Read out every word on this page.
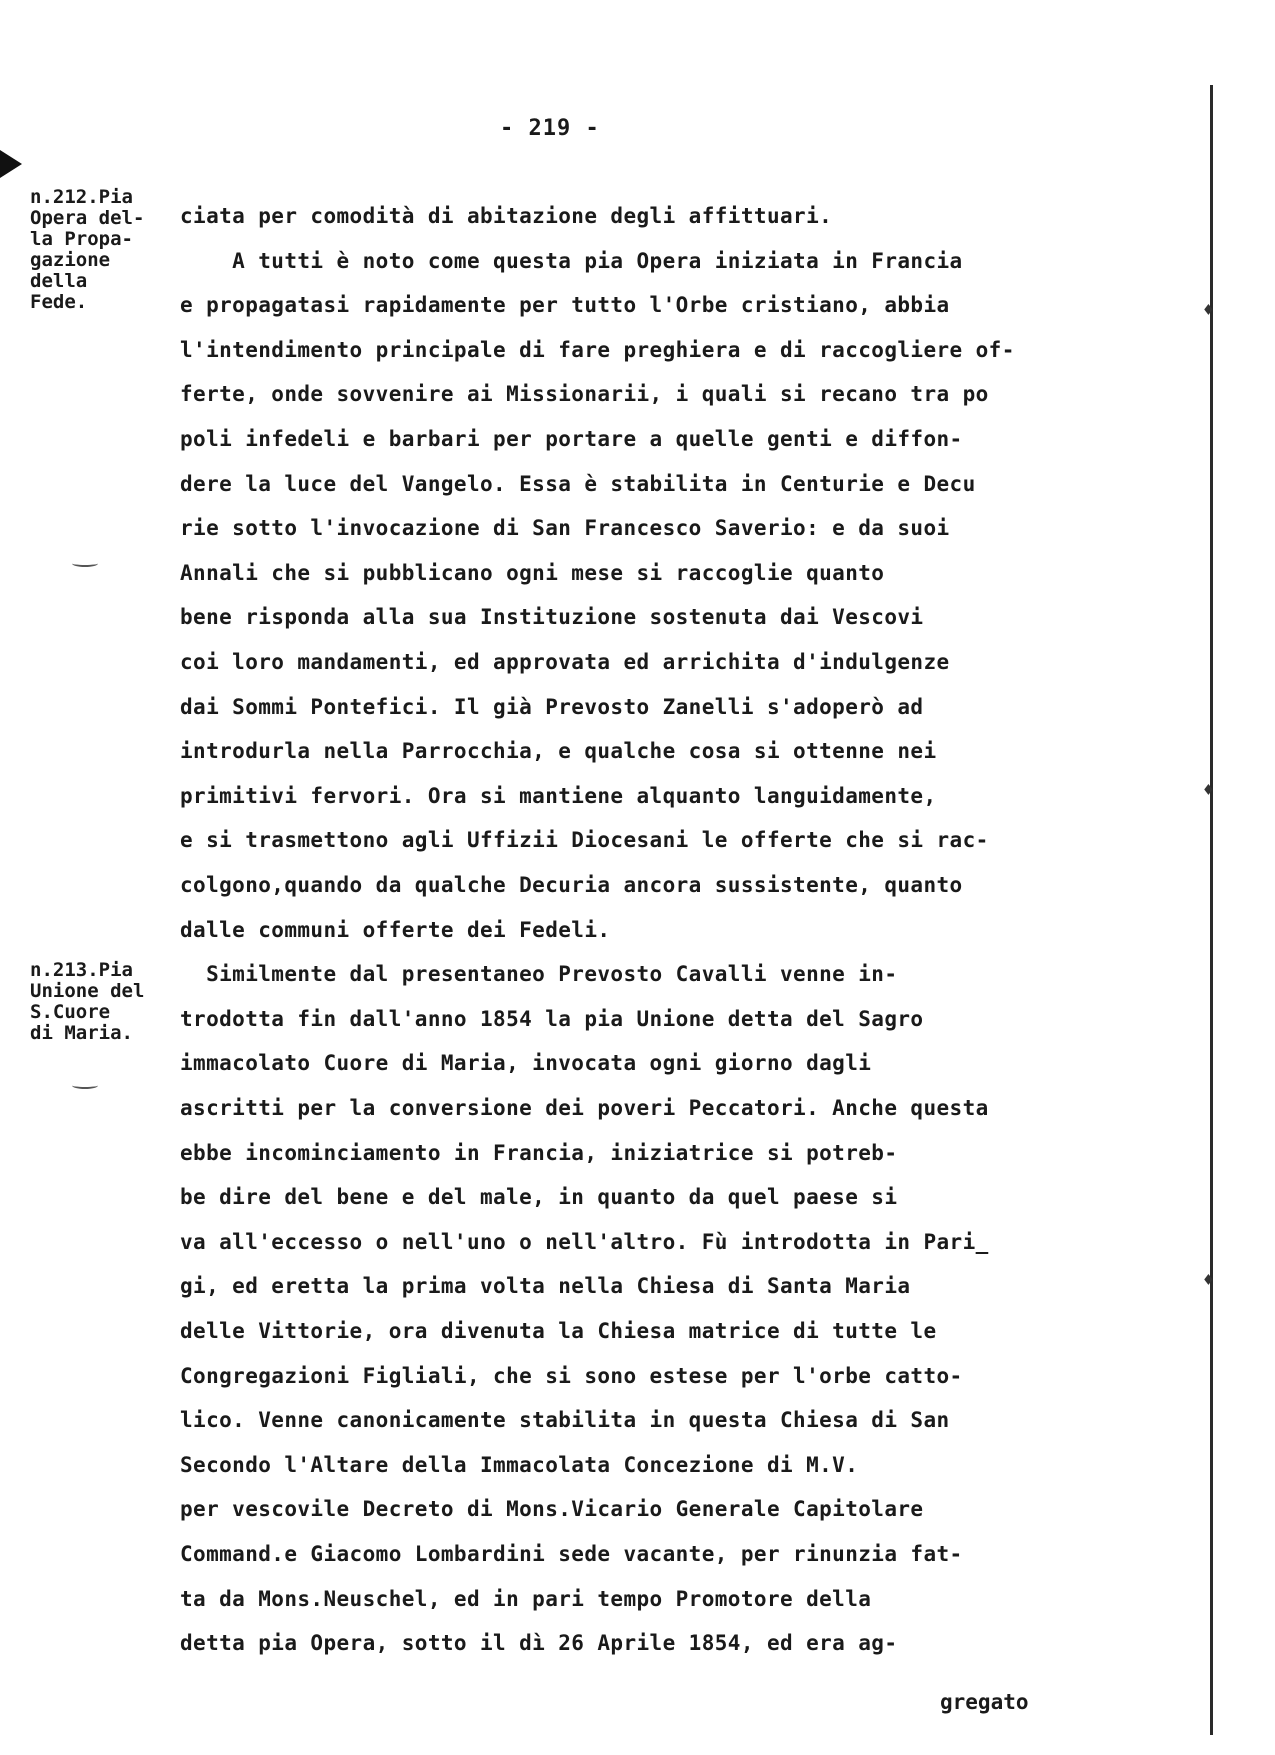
♦
♦
♦
- 219 -
n.212.Pia
Opera del-
la Propa-
gazione
della
Fede.
n.213.Pia
Unione del
S.Cuore
di Maria.
ciata per comodità di abitazione degli affittuari.
A tutti è noto come questa pia Opera iniziata in Francia
e propagatasi rapidamente per tutto l'Orbe cristiano, abbia
l'intendimento principale di fare preghiera e di raccogliere of-
ferte, onde sovvenire ai Missionarii, i quali si recano tra po
poli infedeli e barbari per portare a quelle genti e diffon-
dere la luce del Vangelo. Essa è stabilita in Centurie e Decu
rie sotto l'invocazione di San Francesco Saverio: e da suoi
Annali che si pubblicano ogni mese si raccoglie quanto
bene risponda alla sua Instituzione sostenuta dai Vescovi
coi loro mandamenti, ed approvata ed arrichita d'indulgenze
dai Sommi Pontefici. Il già Prevosto Zanelli s'adoperò ad
introdurla nella Parrocchia, e qualche cosa si ottenne nei
primitivi fervori. Ora si mantiene alquanto languidamente,
e si trasmettono agli Uffizii Diocesani le offerte che si rac-
colgono,quando da qualche Decuria ancora sussistente, quanto
dalle communi offerte dei Fedeli.
Similmente dal presentaneo Prevosto Cavalli venne in-
trodotta fin dall'anno 1854 la pia Unione detta del Sagro
immacolato Cuore di Maria, invocata ogni giorno dagli
ascritti per la conversione dei poveri Peccatori. Anche questa
ebbe incominciamento in Francia, iniziatrice si potreb-
be dire del bene e del male, in quanto da quel paese si
va all'eccesso o nell'uno o nell'altro. Fù introdotta in Pari_
gi, ed eretta la prima volta nella Chiesa di Santa Maria
delle Vittorie, ora divenuta la Chiesa matrice di tutte le
Congregazioni Figliali, che si sono estese per l'orbe catto-
lico. Venne canonicamente stabilita in questa Chiesa di San
Secondo l'Altare della Immacolata Concezione di M.V.
per vescovile Decreto di Mons.Vicario Generale Capitolare
Command.e Giacomo Lombardini sede vacante, per rinunzia fat-
ta da Mons.Neuschel, ed in pari tempo Promotore della
detta pia Opera, sotto il dì 26 Aprile 1854, ed era ag-
gregato
